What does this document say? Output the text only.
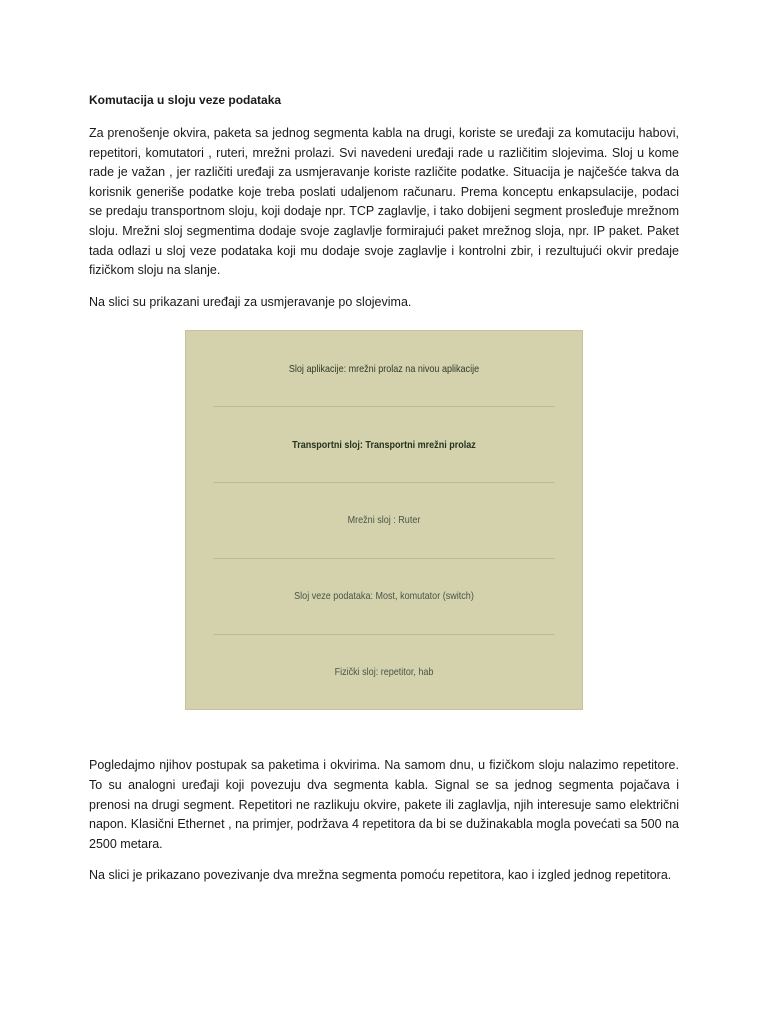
Komutacija u sloju veze podataka

Za prenošenje okvira, paketa sa jednog segmenta kabla na drugi, koriste se uređaji za komutaciju habovi, repetitori, komutatori , ruteri, mrežni prolazi. Svi navedeni uređaji rade u različitim slojevima. Sloj u kome rade je važan , jer različiti uređaji za usmjeravanje koriste različite podatke. Situacija je najčešće takva da korisnik generiše podatke koje treba poslati udaljenom računaru. Prema konceptu enkapsulacije, podaci se predaju transportnom sloju, koji dodaje npr. TCP zaglavlje, i tako dobijeni segment prosleđuje mrežnom sloju. Mrežni sloj segmentima dodaje svoje zaglavlje formirajući paket mrežnog sloja, npr. IP paket. Paket tada odlazi u sloj veze podataka koji mu dodaje svoje zaglavlje i kontrolni zbir, i rezultujući okvir predaje fizičkom sloju na slanje.

Na slici su prikazani uređaji za usmjeravanje po slojevima.

Sloj aplikacije: mrežni prolaz na nivou aplikacije
Transportni sloj: Transportni mrežni prolaz
Mrežni sloj : Ruter
Sloj veze podataka: Most, komutator (switch)
Fizički sloj: repetitor, hab

Pogledajmo njihov postupak sa paketima i okvirima. Na samom dnu, u fizičkom sloju nalazimo repetitore. To su analogni uređaji koji povezuju dva segmenta kabla. Signal se sa jednog segmenta pojačava i prenosi na drugi segment. Repetitori ne razlikuju okvire, pakete ili zaglavlja, njih interesuje samo električni napon. Klasični Ethernet , na primjer, podržava 4 repetitora da bi se dužinakabla mogla povećati sa 500 na 2500 metara.

Na slici je prikazano povezivanje dva mrežna segmenta pomoću repetitora, kao i izgled jednog repetitora.
